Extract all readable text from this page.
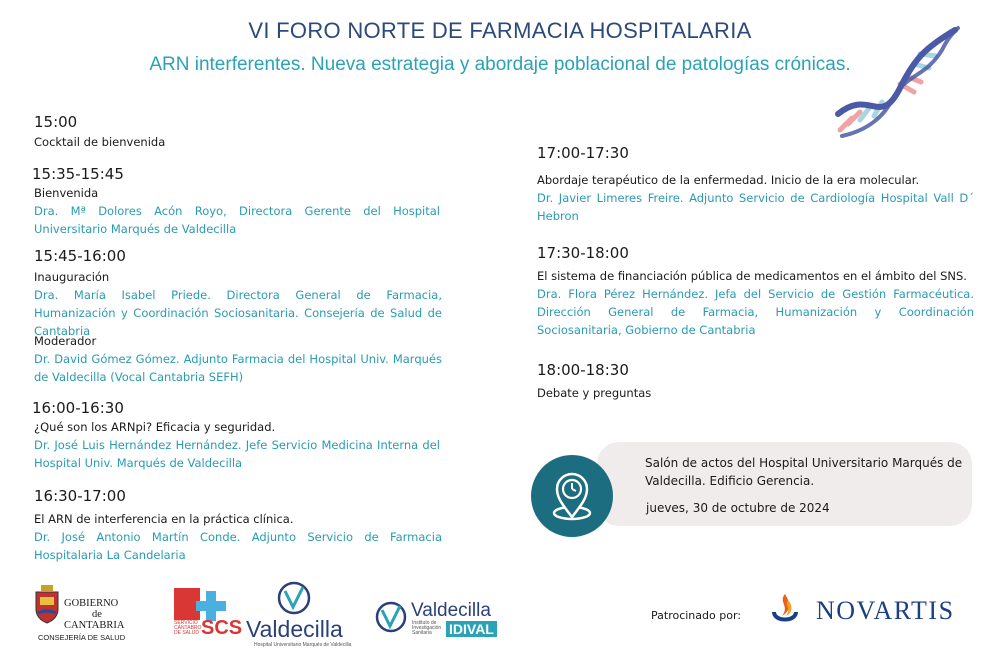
VI FORO NORTE DE FARMACIA HOSPITALARIA
ARN interferentes. Nueva estrategia y abordaje poblacional de patologías crónicas.
15:00
Cocktail de bienvenida
15:35-15:45
Bienvenida
Dra. Mª Dolores Acón Royo, Directora Gerente del Hospital Universitario Marqués de Valdecilla
15:45-16:00
Inauguración
Dra. María Isabel Priede. Directora General de Farmacia, Humanización y Coordinación Sociosanitaria. Consejería de Salud de Cantabria
Moderador
Dr. David Gómez Gómez. Adjunto Farmacia del Hospital Univ. Marqués de Valdecilla (Vocal Cantabria SEFH)
16:00-16:30
¿Qué son los ARNpi? Eficacia y seguridad.
Dr. José Luis Hernández Hernández. Jefe Servicio Medicina Interna del Hospital Univ. Marqués de Valdecilla
16:30-17:00
El ARN de interferencia en la práctica clínica.
Dr. José Antonio Martín Conde. Adjunto Servicio de Farmacia Hospitalaria La Candelaria
17:00-17:30
Abordaje terapéutico de la enfermedad. Inicio de la era molecular.
Dr. Javier Limeres Freire. Adjunto Servicio de Cardiología Hospital Vall D´ Hebron
17:30-18:00
El sistema de financiación pública de medicamentos en el ámbito del SNS.
Dra. Flora Pérez Hernández. Jefa del Servicio de Gestión Farmacéutica. Dirección General de Farmacia, Humanización y Coordinación Sociosanitaria, Gobierno de Cantabria
18:00-18:30
Debate y preguntas
Salón de actos del Hospital Universitario Marqués de Valdecilla. Edificio Gerencia.
jueves, 30 de octubre de 2024
GOBIERNO
de
CANTABRIA
CONSEJERÍA DE SALUD
SERVICIO
CÁNTABRO
DE SALUD SCS Valdecilla
Hospital Universitario Marqués de Valdecilla
Valdecilla
Instituto de
Investigación
Sanitaria	IDIVAL
Patrocinado por:	NOVARTIS
